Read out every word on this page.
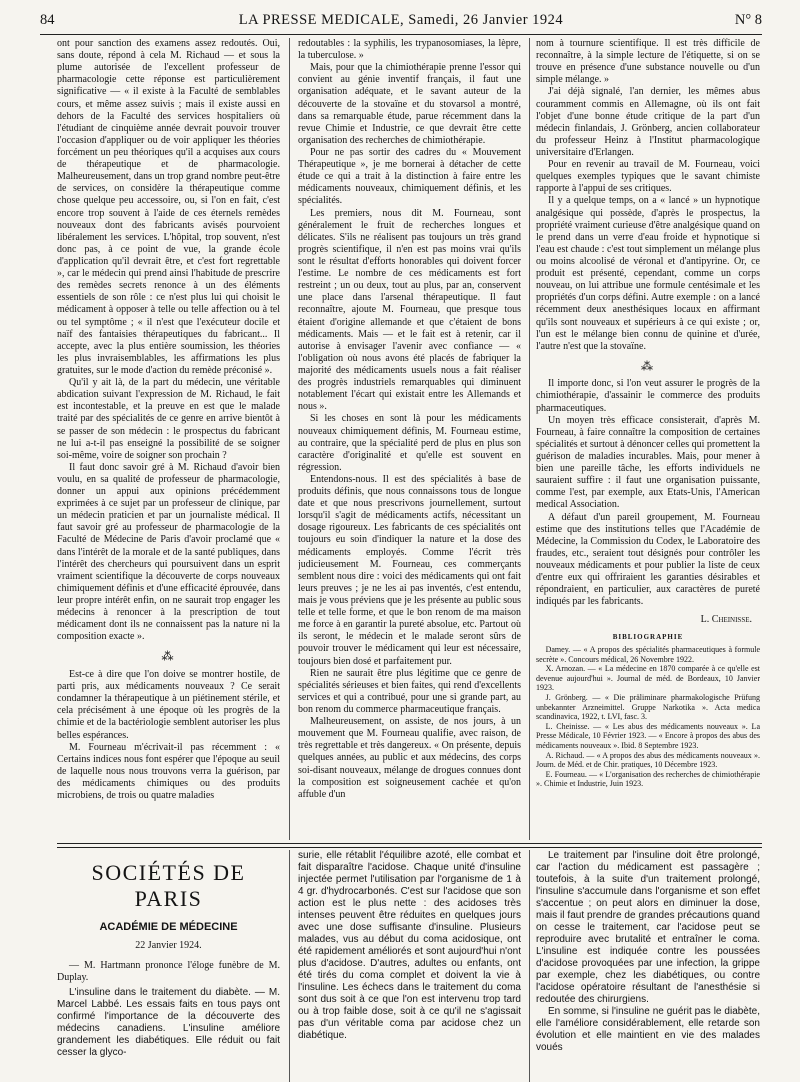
84	LA PRESSE MEDICALE, Samedi, 26 Janvier 1924	N° 8

ont pour sanction des examens assez redoutés. Oui, sans doute, répond à cela M. Richaud — et sous la plume autorisée de l'excellent professeur de pharmacologie cette réponse est particulièrement significative — « il existe à la Faculté de semblables cours, et même assez suivis ; mais il existe aussi en dehors de la Faculté des services hospitaliers où l'étudiant de cinquième année devrait pouvoir trouver l'occasion d'appliquer ou de voir appliquer les théories forcément un peu théoriques qu'il a acquises aux cours de thérapeutique et de pharmacologie. Malheureusement, dans un trop grand nombre peut-être de services, on considère la thérapeutique comme chose quelque peu accessoire, ou, si l'on en fait, c'est encore trop souvent à l'aide de ces éternels remèdes nouveaux dont des fabricants avisés pourvoient libéralement les services. L'hôpital, trop souvent, n'est donc pas, à ce point de vue, la grande école d'application qu'il devrait être, et c'est fort regrettable », car le médecin qui prend ainsi l'habitude de prescrire des remèdes secrets renonce à un des éléments essentiels de son rôle : ce n'est plus lui qui choisit le médicament à opposer à telle ou telle affection ou à tel ou tel symptôme ; « il n'est que l'exécuteur docile et naïf des fantaisies thérapeutiques du fabricant... Il accepte, avec la plus entière soumission, les théories les plus invraisemblables, les affirmations les plus gratuites, sur le mode d'action du remède préconisé ».

Qu'il y ait là, de la part du médecin, une véritable abdication suivant l'expression de M. Richaud, le fait est incontestable, et la preuve en est que le malade traité par des spécialités de ce genre en arrive bientôt à se passer de son médecin : le prospectus du fabricant ne lui a-t-il pas enseigné la possibilité de se soigner soi-même, voire de soigner son prochain ?

Il faut donc savoir gré à M. Richaud d'avoir bien voulu, en sa qualité de professeur de pharmacologie, donner un appui aux opinions précédemment exprimées à ce sujet par un professeur de clinique, par un médecin praticien et par un journaliste médical. Il faut savoir gré au professeur de pharmacologie de la Faculté de Médecine de Paris d'avoir proclamé que « dans l'intérêt de la morale et de la santé publiques, dans l'intérêt des chercheurs qui poursuivent dans un esprit vraiment scientifique la découverte de corps nouveaux chimiquement définis et d'une efficacité éprouvée, dans leur propre intérêt enfin, on ne saurait trop engager les médecins à renoncer à la prescription de tout médicament dont ils ne connaissent pas la nature ni la composition exacte ».

⁂

Est-ce à dire que l'on doive se montrer hostile, de parti pris, aux médicaments nouveaux ? Ce serait condamner la thérapeutique à un piétinement stérile, et cela précisément à une époque où les progrès de la chimie et de la bactériologie semblent autoriser les plus belles espérances.

M. Fourneau m'écrivait-il pas récemment : « Certains indices nous font espérer que l'époque au seuil de laquelle nous nous trouvons verra la guérison, par des médicaments chimiques ou des produits microbiens, de trois ou quatre maladies

redoutables : la syphilis, les trypanosomiases, la lèpre, la tuberculose. »

Mais, pour que la chimiothérapie prenne l'essor qui convient au génie inventif français, il faut une organisation adéquate, et le savant auteur de la découverte de la stovaïne et du stovarsol a montré, dans sa remarquable étude, parue récemment dans la revue Chimie et Industrie, ce que devrait être cette organisation des recherches de chimiothérapie.

Pour ne pas sortir des cadres du « Mouvement Thérapeutique », je me bornerai à détacher de cette étude ce qui a trait à la distinction à faire entre les médicaments nouveaux, chimiquement définis, et les spécialités.

Les premiers, nous dit M. Fourneau, sont généralement le fruit de recherches longues et délicates. S'ils ne réalisent pas toujours un très grand progrès scientifique, il n'en est pas moins vrai qu'ils sont le résultat d'efforts honorables qui doivent forcer l'estime. Le nombre de ces médicaments est fort restreint ; un ou deux, tout au plus, par an, conservent une place dans l'arsenal thérapeutique. Il faut reconnaître, ajoute M. Fourneau, que presque tous étaient d'origine allemande et que c'étaient de bons médicaments. Mais — et le fait est à retenir, car il autorise à envisager l'avenir avec confiance — « l'obligation où nous avons été placés de fabriquer la majorité des médicaments usuels nous a fait réaliser des progrès industriels remarquables qui diminuent notablement l'écart qui existait entre les Allemands et nous ».

Si les choses en sont là pour les médicaments nouveaux chimiquement définis, M. Fourneau estime, au contraire, que la spécialité perd de plus en plus son caractère d'originalité et qu'elle est souvent en régression.

Entendons-nous. Il est des spécialités à base de produits définis, que nous connaissons tous de longue date et que nous prescrivons journellement, surtout lorsqu'il s'agit de médicaments actifs, nécessitant un dosage rigoureux. Les fabricants de ces spécialités ont toujours eu soin d'indiquer la nature et la dose des médicaments employés. Comme l'écrit très judicieusement M. Fourneau, ces commerçants semblent nous dire : voici des médicaments qui ont fait leurs preuves ; je ne les ai pas inventés, c'est entendu, mais je vous préviens que je les présente au public sous telle et telle forme, et que le bon renom de ma maison me force à en garantir la pureté absolue, etc. Partout où ils seront, le médecin et le malade seront sûrs de pouvoir trouver le médicament qui leur est nécessaire, toujours bien dosé et parfaitement pur.

Rien ne saurait être plus légitime que ce genre de spécialités sérieuses et bien faites, qui rend d'excellents services et qui a contribué, pour une si grande part, au bon renom du commerce pharmaceutique français.

Malheureusement, on assiste, de nos jours, à un mouvement que M. Fourneau qualifie, avec raison, de très regrettable et très dangereux. « On présente, depuis quelques années, au public et aux médecins, des corps soi-disant nouveaux, mélange de drogues connues dont la composition est soigneusement cachée et qu'on affuble d'un

nom à tournure scientifique. Il est très difficile de reconnaître, à la simple lecture de l'étiquette, si on se trouve en présence d'une substance nouvelle ou d'un simple mélange. »

J'ai déjà signalé, l'an dernier, les mêmes abus couramment commis en Allemagne, où ils ont fait l'objet d'une bonne étude critique de la part d'un médecin finlandais, J. Grönberg, ancien collaborateur du professeur Heinz à l'Institut pharmacologique universitaire d'Erlangen.

Pour en revenir au travail de M. Fourneau, voici quelques exemples typiques que le savant chimiste rapporte à l'appui de ses critiques.

Il y a quelque temps, on a « lancé » un hypnotique analgésique qui possède, d'après le prospectus, la propriété vraiment curieuse d'être analgésique quand on le prend dans un verre d'eau froide et hypnotique si l'eau est chaude : c'est tout simplement un mélange plus ou moins alcoolisé de véronal et d'antipyrine. Or, ce produit est présenté, cependant, comme un corps nouveau, on lui attribue une formule centésimale et les propriétés d'un corps défini. Autre exemple : on a lancé récemment deux anesthésiques locaux en affirmant qu'ils sont nouveaux et supérieurs à ce qui existe ; or, l'un est le mélange bien connu de quinine et d'urée, l'autre n'est que la stovaïne.

⁂

Il importe donc, si l'on veut assurer le progrès de la chimiothérapie, d'assainir le commerce des produits pharmaceutiques.

Un moyen très efficace consisterait, d'après M. Fourneau, à faire connaître la composition de certaines spécialités et surtout à dénoncer celles qui promettent la guérison de maladies incurables. Mais, pour mener à bien une pareille tâche, les efforts individuels ne sauraient suffire : il faut une organisation puissante, comme l'est, par exemple, aux Etats-Unis, l'American medical Association.

A défaut d'un pareil groupement, M. Fourneau estime que des institutions telles que l'Académie de Médecine, la Commission du Codex, le Laboratoire des fraudes, etc., seraient tout désignés pour contrôler les nouveaux médicaments et pour publier la liste de ceux d'entre eux qui offriraient les garanties désirables et répondraient, en particulier, aux caractères de pureté indiqués par les fabricants.

L. Cheinisse.
BIBLIOGRAPHIE

Damey. — « A propos des spécialités pharmaceutiques à formule secrète ». Concours médical, 26 Novembre 1922.

X. Arnozan. — « La médecine en 1870 comparée à ce qu'elle est devenue aujourd'hui ». Journal de méd. de Bordeaux, 10 Janvier 1923.

J. Grönberg. — « Die präliminare pharmakologische Prüfung unbekannter Arzneimittel. Gruppe Narkotika ». Acta medica scandinavica, 1922, t. LVI, fasc. 3.

L. Cheinisse. — « Les abus des médicaments nouveaux ». La Presse Médicale, 10 Février 1923. — « Encore à propos des abus des médicaments nouveaux ». Ibid. 8 Septembre 1923.

A. Richaud. — « A propos des abus des médicaments nouveaux ». Journ. de Méd. et de Chir. pratiques, 10 Décembre 1923.

E. Fourneau. — « L'organisation des recherches de chimiothérapie ». Chimie et Industrie, Juin 1923.

SOCIÉTÉS DE PARIS
ACADÉMIE DE MÉDECINE
22 Janvier 1924.

— M. Hartmann prononce l'éloge funèbre de M. Duplay.

L'insuline dans le traitement du diabète. — M. Marcel Labbé. Les essais faits en tous pays ont confirmé l'importance de la découverte des médecins canadiens. L'insuline améliore grandement les diabétiques. Elle réduit ou fait cesser la glyco-

surie, elle rétablit l'équilibre azoté, elle combat et fait disparaître l'acidose. Chaque unité d'insuline injectée permet l'utilisation par l'organisme de 1 à 4 gr. d'hydrocarbonés. C'est sur l'acidose que son action est le plus nette : des acidoses très intenses peuvent être réduites en quelques jours avec une dose suffisante d'insuline. Plusieurs malades, vus au début du coma acidosique, ont été rapidement améliorés et sont aujourd'hui n'ont plus d'acidose. D'autres, adultes ou enfants, ont été tirés du coma complet et doivent la vie à l'insuline. Les échecs dans le traitement du coma sont dus soit à ce que l'on est intervenu trop tard ou à trop faible dose, soit à ce qu'il ne s'agissait pas d'un véritable coma par acidose chez un diabétique.

Le traitement par l'insuline doit être prolongé, car l'action du médicament est passagère ; toutefois, à la suite d'un traitement prolongé, l'insuline s'accumule dans l'organisme et son effet s'accentue ; on peut alors en diminuer la dose, mais il faut prendre de grandes précautions quand on cesse le traitement, car l'acidose peut se reproduire avec brutalité et entraîner le coma. L'insuline est indiquée contre les poussées d'acidose provoquées par une infection, la grippe par exemple, chez les diabétiques, ou contre l'acidose opératoire résultant de l'anesthésie si redoutée des chirurgiens.

En somme, si l'insuline ne guérit pas le diabète, elle l'améliore considérablement, elle retarde son évolution et elle maintient en vie des malades voués
